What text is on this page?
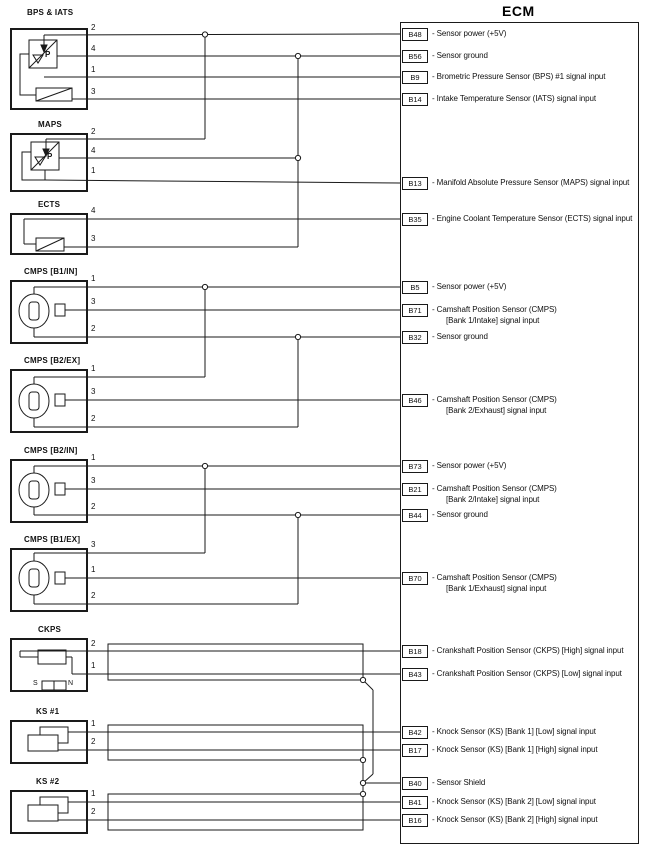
BPS & IATS
P
2
4
1
3
MAPS
P
2
4
1
ECTS
4
3
CMPS [B1/IN]
1
3
2
CMPS [B2/EX]
1
3
2
CMPS [B2/IN]
1
3
2
CMPS [B1/EX]
3
1
2
CKPS
S	N
2
1
KS #1
1
2
KS #2
1
2
ECM
B48	- Sensor power (+5V)
B56	- Sensor ground
B9	- Brometric Pressure Sensor (BPS) #1 signal input
B14	- Intake Temperature Sensor (IATS) signal input
B13	- Manifold Absolute Pressure Sensor (MAPS) signal input
B35	- Engine Coolant Temperature Sensor (ECTS) signal input
B5	- Sensor power (+5V)
B71	- Camshaft Position Sensor (CMPS)
[Bank 1/Intake] signal input
B32	- Sensor ground
B46	- Camshaft Position Sensor (CMPS)
[Bank 2/Exhaust] signal input
B73	- Sensor power (+5V)
B21	- Camshaft Position Sensor (CMPS)
[Bank 2/Intake] signal input
B44	- Sensor ground
B70	- Camshaft Position Sensor (CMPS)
[Bank 1/Exhaust] signal input
B18	- Crankshaft Position Sensor (CKPS) [High] signal input
B43	- Crankshaft Position Sensor (CKPS) [Low] signal input
B42	- Knock Sensor (KS) [Bank 1] [Low] signal input
B17	- Knock Sensor (KS) [Bank 1] [High] signal input
B40	- Sensor Shield
B41	- Knock Sensor (KS) [Bank 2] [Low] signal input
B16	- Knock Sensor (KS) [Bank 2] [High] signal input
